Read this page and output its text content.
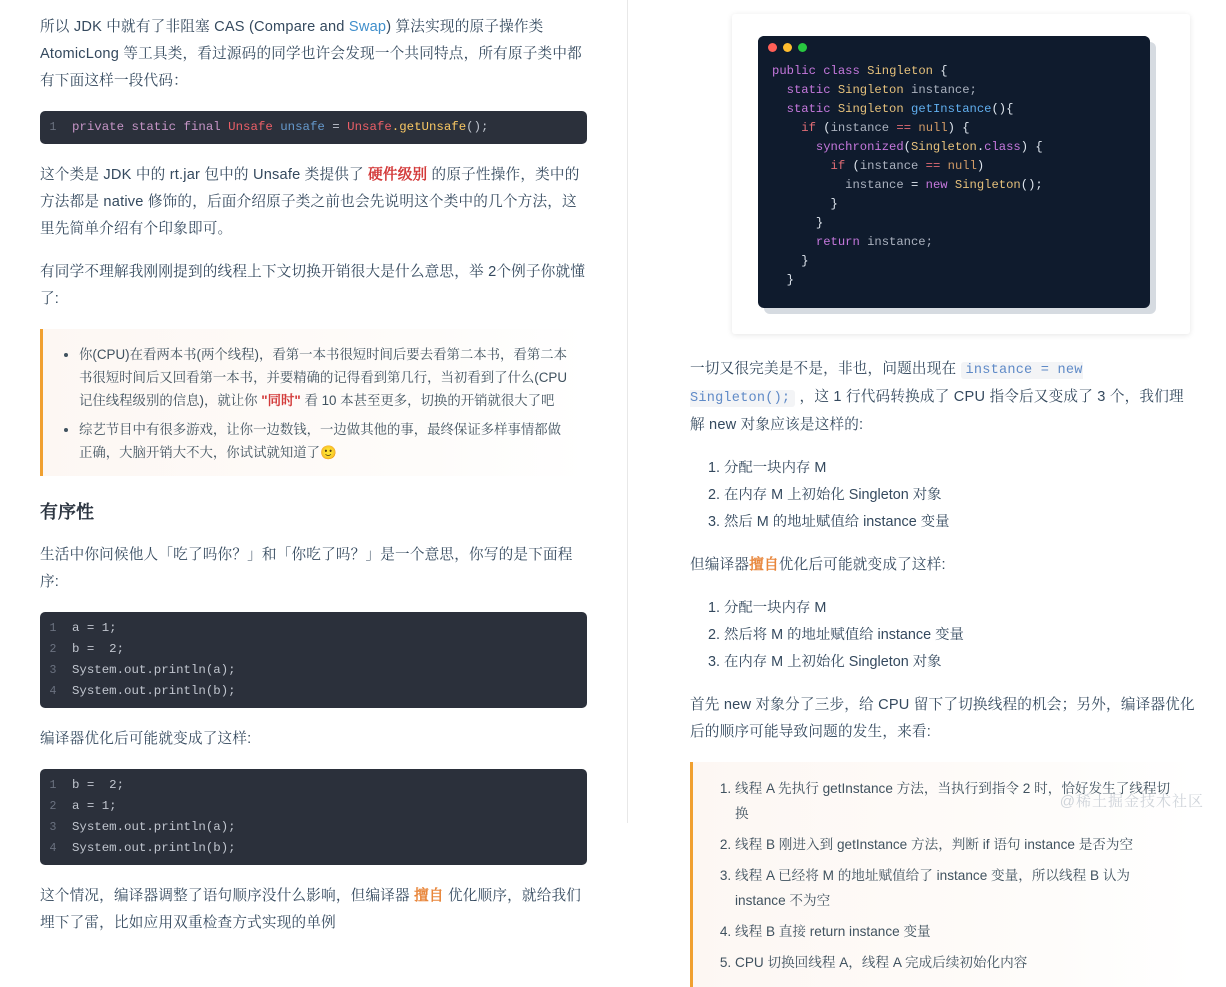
所以 JDK 中就有了非阻塞 CAS (Compare and Swap) 算法实现的原子操作类 AtomicLong 等工具类，看过源码的同学也许会发现一个共同特点，所有原子类中都有下面这样一段代码：

1	private static final Unsafe unsafe = Unsafe.getUnsafe();

这个类是 JDK 中的 rt.jar 包中的 Unsafe 类提供了 硬件级别 的原子性操作，类中的方法都是 native 修饰的，后面介绍原子类之前也会先说明这个类中的几个方法，这里先简单介绍有个印象即可。

有同学不理解我刚刚提到的线程上下文切换开销很大是什么意思，举 2个例子你就懂了:

• 你(CPU)在看两本书(两个线程)，看第一本书很短时间后要去看第二本书，看第二本书很短时间后又回看第一本书，并要精确的记得看到第几行，当初看到了什么(CPU记住线程级别的信息)，就让你 "同时" 看 10 本甚至更多，切换的开销就很大了吧
• 综艺节目中有很多游戏，让你一边数钱，一边做其他的事，最终保证多样事情都做正确，大脑开销大不大，你试试就知道了🙂
有序性

生活中你问候他人「吃了吗你？」和「你吃了吗？」是一个意思，你写的是下面程序:

1	a = 1;
2	b =  2;
3	System.out.println(a);
4	System.out.println(b);

编译器优化后可能就变成了这样:

1	b =  2;
2	a = 1;
3	System.out.println(a);
4	System.out.println(b);

这个情况，编译器调整了语句顺序没什么影响，但编译器 擅自 优化顺序，就给我们埋下了雷，比如应用双重检查方式实现的单例

public class Singleton {
static Singleton instance;
static Singleton getInstance(){
if (instance == null) {
synchronized(Singleton.class) {
if (instance == null)
instance = new Singleton();
}
}
return instance;
}
}

一切又很完美是不是，非也，问题出现在 instance = new Singleton(); ，这 1 行代码转换成了 CPU 指令后又变成了 3 个，我们理解 new 对象应该是这样的:

1. 分配一块内存 M
2. 在内存 M 上初始化 Singleton 对象
3. 然后 M 的地址赋值给 instance 变量

但编译器擅自优化后可能就变成了这样:

1. 分配一块内存 M
2. 然后将 M 的地址赋值给 instance 变量
3. 在内存 M 上初始化 Singleton 对象

首先 new 对象分了三步，给 CPU 留下了切换线程的机会；另外，编译器优化后的顺序可能导致问题的发生，来看:

1. 线程 A 先执行 getInstance 方法，当执行到指令 2 时，恰好发生了线程切换
2. 线程 B 刚进入到 getInstance 方法，判断 if 语句 instance 是否为空
3. 线程 A 已经将 M 的地址赋值给了 instance 变量，所以线程 B 认为 instance 不为空
4. 线程 B 直接 return instance 变量
5. CPU 切换回线程 A，线程 A 完成后续初始化内容
@稀土掘金技术社区
